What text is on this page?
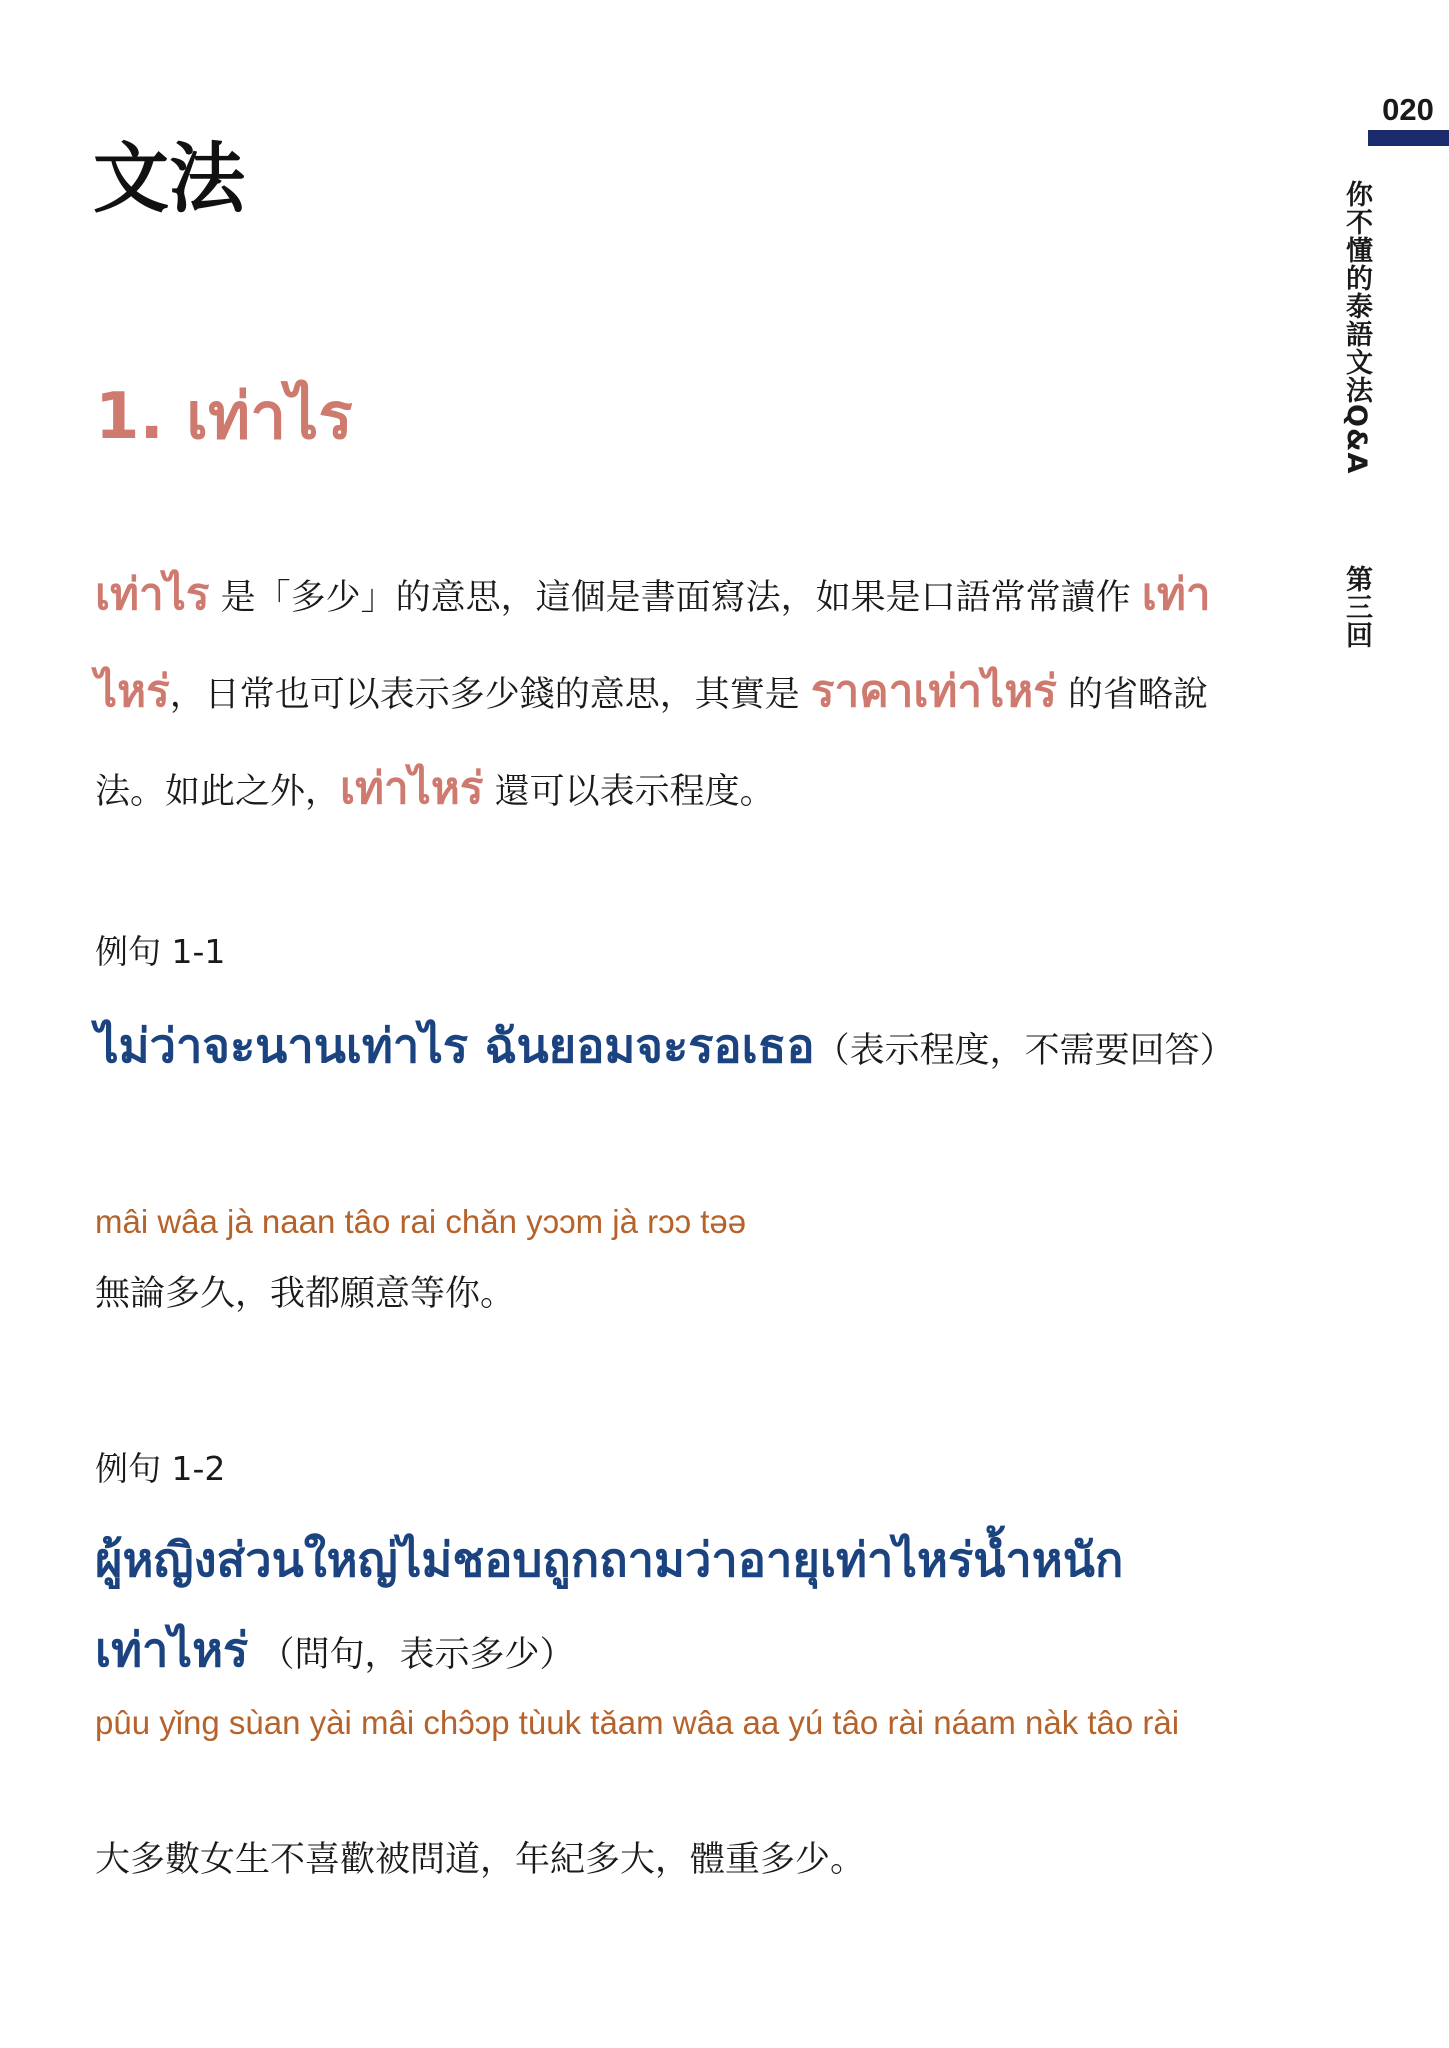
020
你不懂的泰語文法Q&A
第三回
文法
1. เท่าไร
เท่าไร 是「多少」的意思，這個是書面寫法，如果是口語常常讀作 เท่าไหร่，日常也可以表示多少錢的意思，其實是 ราคาเท่าไหร่ 的省略說法。如此之外，เท่าไหร่ 還可以表示程度。
例句 1-1
ไม่ว่าจะนานเท่าไร ฉันยอมจะรอเธอ（表示程度，不需要回答）
mâi wâa jà naan tâo rai chǎn yɔɔm jà rɔɔ təə
無論多久，我都願意等你。
例句 1-2
ผู้หญิงส่วนใหญ่ไม่ชอบถูกถามว่าอายุเท่าไหร่น้ำหนักเท่าไหร่ （問句，表示多少）
pûu yǐng sùan yài mâi chɔ̂ɔp tùuk tǎam wâa aa yú tâo rài náam nàk tâo rài
大多數女生不喜歡被問道，年紀多大，體重多少。
